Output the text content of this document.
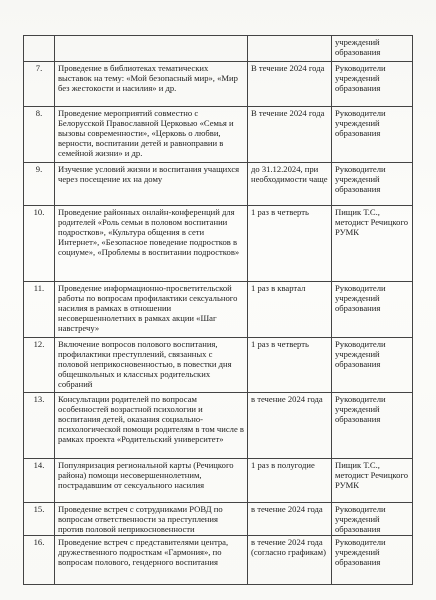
			учреждений образования
7.	Проведение в библиотеках тематических выставок на тему: «Мой безопасный мир», «Мир без жестокости и насилия» и др.	В течение 2024 года	Руководители учреждений образования
8.	Проведение мероприятий совместно с Белорусской Православной Церковью «Семья и вызовы современности», «Церковь о любви, верности, воспитании детей и равноправии в семейной жизни» и др.	В течение 2024 года	Руководители учреждений образования
9.	Изучение условий жизни и воспитания учащихся через посещение их на дому	до 31.12.2024, при необходимости чаще	Руководители учреждений образования
10.	Проведение районных онлайн-конференций для родителей «Роль семьи в половом воспитании подростков», «Культура общения в сети Интернет», «Безопасное поведение подростков в социуме», «Проблемы в воспитании подростков»	1 раз в четверть	Пищик Т.С., методист Речицкого РУМК
11.	Проведение информационно-просветительской работы по вопросам профилактики сексуального насилия в рамках в отношении несовершеннолетних в рамках акции «Шаг навстречу»	1 раз в квартал	Руководители учреждений образования
12.	Включение вопросов полового воспитания, профилактики преступлений, связанных с половой неприкосновенностью, в повестки дня общешкольных и классных родительских собраний	1 раз в четверть	Руководители учреждений образования
13.	Консультации родителей по вопросам особенностей возрастной психологии и воспитания детей, оказания социально-психологической помощи родителям в том числе в рамках проекта «Родительский университет»	в течение 2024 года	Руководители учреждений образования
14.	Популяризация региональной карты (Речицкого района) помощи несовершеннолетним, пострадавшим от сексуального насилия	1 раз в полугодие	Пищик Т.С., методист Речицкого РУМК
15.	Проведение встреч с сотрудниками РОВД по вопросам ответственности за преступления против половой неприкосновенности	в течение 2024 года	Руководители учреждений образования
16.	Проведение встреч с представителями центра, дружественного подросткам «Гармония», по вопросам полового, гендерного воспитания	в течение 2024 года (согласно графикам)	Руководители учреждений образования
